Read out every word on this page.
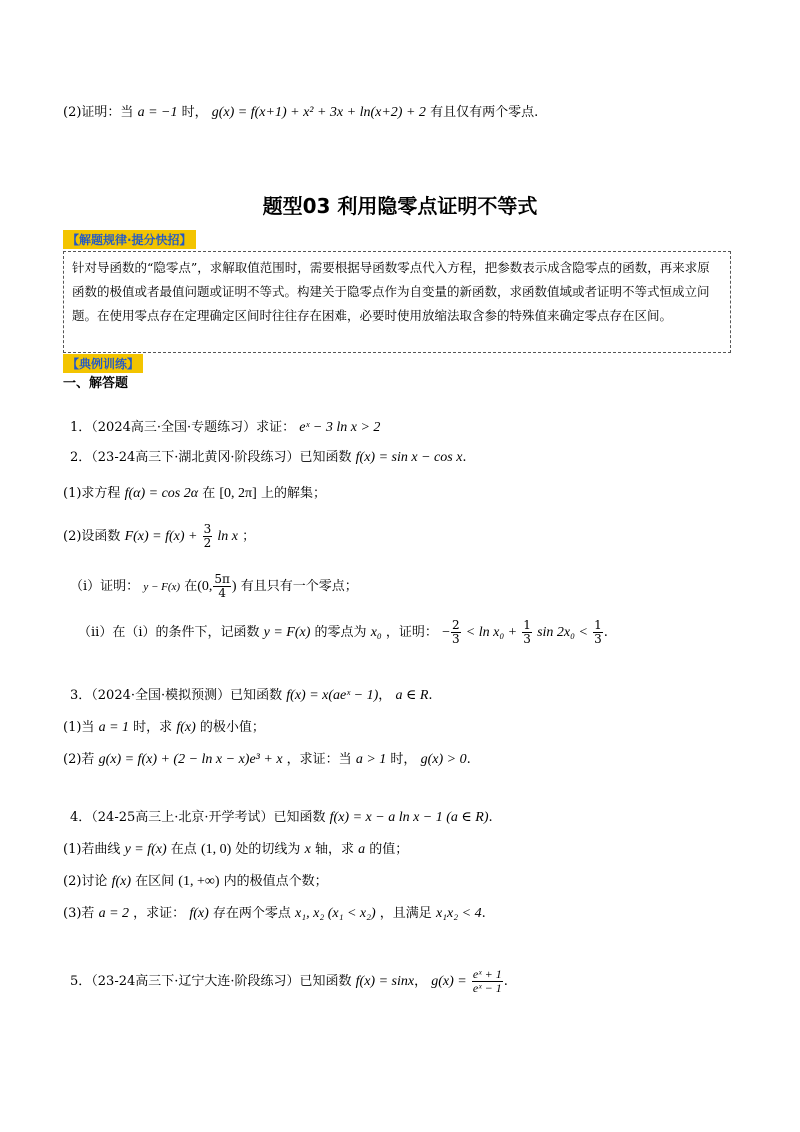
(2)证明：当 a = −1 时， g(x) = f(x+1) + x² + 3x + ln(x+2) + 2 有且仅有两个零点.
题型03 利用隐零点证明不等式
【解题规律·提分快招】
针对导函数的“隐零点”，求解取值范围时，需要根据导函数零点代入方程，把参数表示成含隐零点的函数，再来求原函数的极值或者最值问题或证明不等式。构建关于隐零点作为自变量的新函数，求函数值域或者证明不等式恒成立问题。在使用零点存在定理确定区间时往往存在困难，必要时使用放缩法取含参的特殊值来确定零点存在区间。
【典例训练】
一、解答题
1．（2024高三·全国·专题练习）求证： eˣ − 3 ln x > 2
2．（23-24高三下·湖北黄冈·阶段练习）已知函数 f(x) = sin x − cos x.
(1)求方程 f(α) = cos 2α 在 [0, 2π] 上的解集；
(2)设函数 $F(x) = f(x) + \frac{3}{2}$ ln x ；
（i）证明： y − F(x) 在(0, $\frac{5\pi}{4}$ ) 有且只有一个零点；
（ii）在（i）的条件下，记函数 y = F(x) 的零点为 x₀ ，证明： − $\frac{2}{3} < \ln x_0 + \frac{1}{3}$ $\sin 2x_0 < \frac{1}{3}$ .
3．（2024·全国·模拟预测）已知函数 f(x) = x(aeˣ − 1)， a ∈ R.
(1)当 a = 1 时，求 f(x) 的极小值；
(2)若 g(x) = f(x) + (2 − ln x − x)e³ + x ，求证：当 a > 1 时， g(x) > 0.
4．（24-25高三上·北京·开学考试）已知函数 f(x) = x − a ln x − 1 (a ∈ R).
(1)若曲线 y = f(x) 在点 (1, 0) 处的切线为 x 轴，求 a 的值；
(2)讨论 f(x) 在区间 (1, +∞) 内的极值点个数；
(3)若 a = 2 ，求证： f(x) 存在两个零点 x₁, x₂ (x₁ < x₂) ，且满足 x₁x₂ < 4.
5．（23-24高三下·辽宁大连·阶段练习）已知函数 f(x) = sinx， $g(x) = \frac{\text{eˣ + 1}}{\text{eˣ − 1}}$ .
